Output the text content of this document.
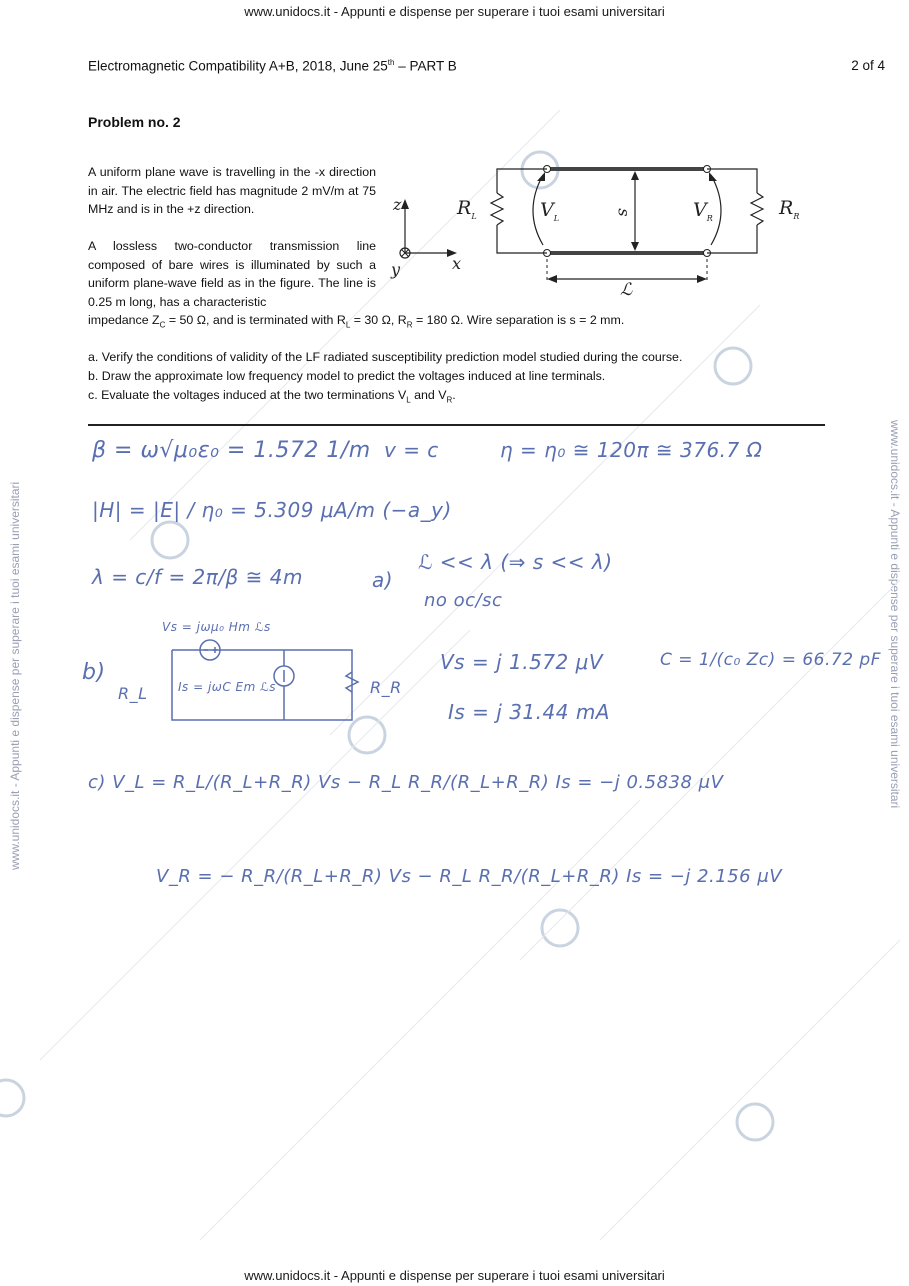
www.unidocs.it - Appunti e dispense per superare i tuoi esami universitari
www.unidocs.it - Appunti e dispense per superare i tuoi esami universitari
www.unidocs.it - Appunti e dispense per superare i tuoi esami universitari	www.unidocs.it - Appunti e dispense per superare i tuoi esami universitari
Electromagnetic Compatibility A+B, 2018, June 25th – PART B	2 of 4
Problem no. 2
A uniform plane wave is travelling in the -x direction in air. The electric field has magnitude 2 mV/m at 75 MHz and is in the +z direction.
A lossless two-conductor transmission line composed of bare wires is illuminated by such a uniform plane-wave field as in the figure. The line is 0.25 m long, has a characteristic
impedance $Z_C = 50$ Ω, and is terminated with $R_L = 30$ Ω, $R_R = 180$ Ω. Wire separation is s = 2 mm.
a. Verify the conditions of validity of the LF radiated susceptibility prediction model studied during the course.
b. Draw the approximate low frequency model to predict the voltages induced at line terminals.
c. Evaluate the voltages induced at the two terminations $V_L$ and $V_R$.
z
x
y
$R_L$	$R_R$
$V_L$	$V_R$
s
ℒ
β = ω√μ₀ε₀ = 1.572 1/m v = c	η = η₀ ≅ 120π ≅ 376.7 Ω
|H| = |E| / η₀ = 5.309 μA/m (−a_y)
λ = c/f = 2π/β ≅ 4m	a)
ℒ << λ (⇒ s << λ)
no oc/sc
Vs = jωμ₀ Hm ℒs
b)
R_L	Is = jωC Em ℒs	R_R
Vs = j 1.572 μV	C = 1/(c₀ Zc) = 66.72 pF
Is = j 31.44 mA
c) V_L = R_L/(R_L+R_R) Vs − R_L R_R/(R_L+R_R) Is = −j 0.5838 μV
V_R = − R_R/(R_L+R_R) Vs − R_L R_R/(R_L+R_R) Is = −j 2.156 μV
